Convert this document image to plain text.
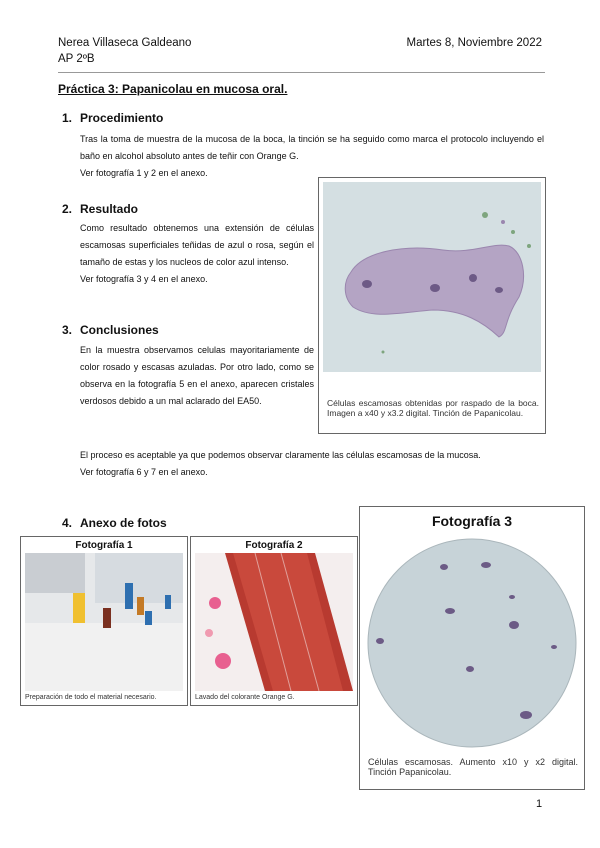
Nerea Villaseca Galdeano
AP 2ºB
Martes 8, Noviembre 2022
Práctica 3: Papanicolau en mucosa oral.
1. Procedimiento
Tras la toma de muestra de la mucosa de la boca, la tinción se ha seguido como marca el protocolo incluyendo el baño en alcohol absoluto antes de teñir con Orange G.
Ver fotografía 1 y 2 en el anexo.
2. Resultado
Como resultado obtenemos una extensión de células escamosas superficiales teñidas de azul o rosa, según el tamaño de estas y los nucleos de color azul intenso.
Ver fotografía 3 y 4 en el anexo.
3. Conclusiones
En la muestra observamos celulas mayoritariamente de color rosado y escasas azuladas. Por otro lado, como se observa en la fotografía 5 en el anexo, aparecen cristales verdosos debido a un mal aclarado del EA50.
El proceso es aceptable ya que podemos observar claramente las células escamosas de la mucosa.
Ver fotografía 6 y 7 en el anexo.
Células escamosas obtenidas por raspado de la boca. Imagen a x40 y x3.2 digital. Tinción de Papanicolau.
4. Anexo de fotos
Fotografía 1
Preparación de todo el material necesario.
Fotografía 2
Lavado del colorante Orange G.
Fotografía 3
Células escamosas. Aumento x10 y x2 digital. Tinción Papanicolau.
1
